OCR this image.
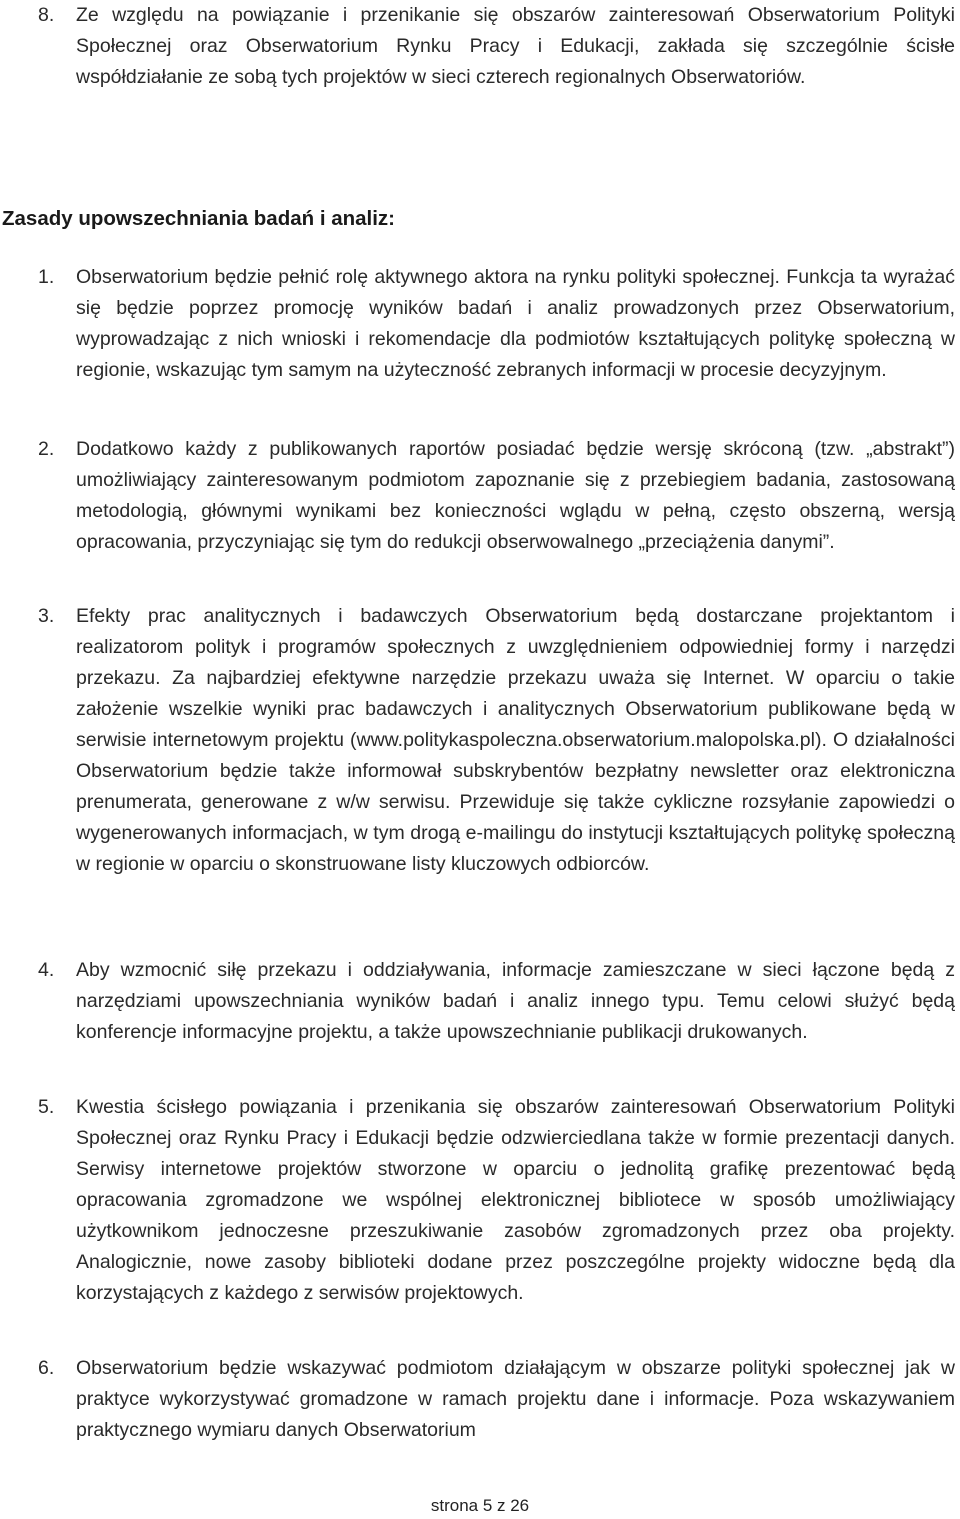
8.	Ze względu na powiązanie i przenikanie się obszarów zainteresowań Obserwatorium Polityki Społecznej oraz Obserwatorium Rynku Pracy i Edukacji, zakłada się szczególnie ścisłe współdziałanie ze sobą tych projektów w sieci czterech regionalnych Obserwatoriów.
Zasady upowszechniania badań i analiz:
1.	Obserwatorium będzie pełnić rolę aktywnego aktora na rynku polityki społecznej. Funkcja ta wyrażać się będzie poprzez promocję wyników badań i analiz prowadzonych przez Obserwatorium, wyprowadzając z nich wnioski i rekomendacje dla podmiotów kształtujących politykę społeczną w regionie, wskazując tym samym na użyteczność zebranych informacji w procesie decyzyjnym.
2.	Dodatkowo każdy z publikowanych raportów posiadać będzie wersję skróconą (tzw. „abstrakt”) umożliwiający zainteresowanym podmiotom zapoznanie się z przebiegiem badania, zastosowaną metodologią, głównymi wynikami bez konieczności wglądu w pełną, często obszerną, wersją opracowania, przyczyniając się tym do redukcji obserwowalnego „przeciążenia danymi”.
3.	Efekty prac analitycznych i badawczych Obserwatorium będą dostarczane projektantom i realizatorom polityk i programów społecznych z uwzględnieniem odpowiedniej formy i narzędzi przekazu. Za najbardziej efektywne narzędzie przekazu uważa się Internet. W oparciu o takie założenie wszelkie wyniki prac badawczych i analitycznych Obserwatorium publikowane będą w serwisie internetowym projektu (www.politykaspoleczna.obserwatorium.malopolska.pl). O działalności Obserwatorium będzie także informował subskrybentów bezpłatny newsletter oraz elektroniczna prenumerata, generowane z w/w serwisu. Przewiduje się także cykliczne rozsyłanie zapowiedzi o wygenerowanych informacjach, w tym drogą e-mailingu do instytucji kształtujących politykę społeczną w regionie w oparciu o skonstruowane listy kluczowych odbiorców.
4.	Aby wzmocnić siłę przekazu i oddziaływania, informacje zamieszczane w sieci łączone będą z narzędziami upowszechniania wyników badań i analiz innego typu. Temu celowi służyć będą konferencje informacyjne projektu, a także upowszechnianie publikacji drukowanych.
5.	Kwestia ścisłego powiązania i przenikania się obszarów zainteresowań Obserwatorium Polityki Społecznej oraz Rynku Pracy i Edukacji będzie odzwierciedlana także w formie prezentacji danych. Serwisy internetowe projektów stworzone w oparciu o jednolitą grafikę prezentować będą opracowania zgromadzone we wspólnej elektronicznej bibliotece w sposób umożliwiający użytkownikom jednoczesne przeszukiwanie zasobów zgromadzonych przez oba projekty. Analogicznie, nowe zasoby biblioteki dodane przez poszczególne projekty widoczne będą dla korzystających z każdego z serwisów projektowych.
6.	Obserwatorium będzie wskazywać podmiotom działającym w obszarze polityki społecznej jak w praktyce wykorzystywać gromadzone w ramach projektu dane i informacje. Poza wskazywaniem praktycznego wymiaru danych Obserwatorium
strona 5 z 26
